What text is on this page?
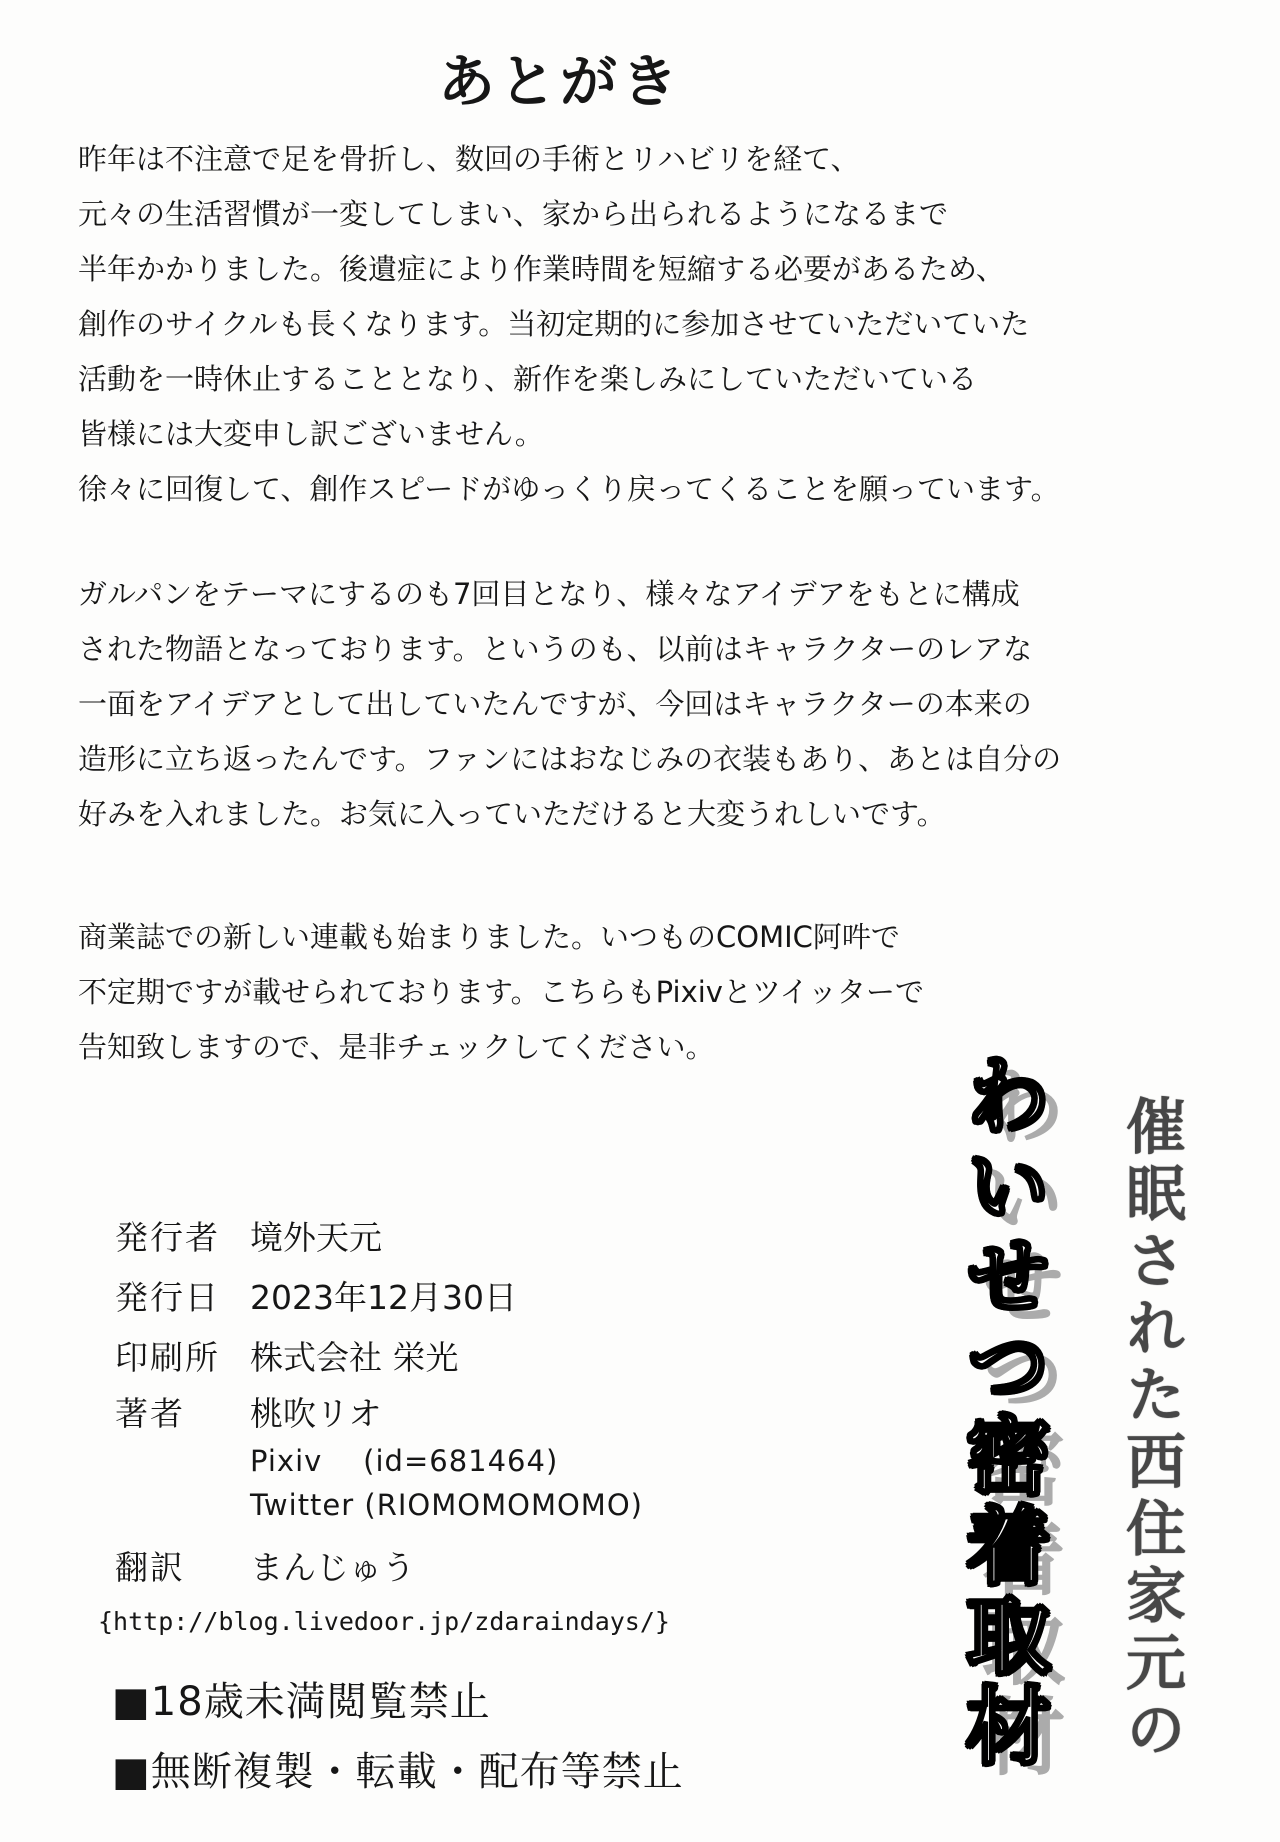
あとがき
昨年は不注意で足を骨折し、数回の手術とリハビリを経て、
元々の生活習慣が一変してしまい、家から出られるようになるまで
半年かかりました。後遺症により作業時間を短縮する必要があるため、
創作のサイクルも長くなります。当初定期的に参加させていただいていた
活動を一時休止することとなり、新作を楽しみにしていただいている
皆様には大変申し訳ございません。
徐々に回復して、創作スピードがゆっくり戻ってくることを願っています。
ガルパンをテーマにするのも7回目となり、様々なアイデアをもとに構成
された物語となっております。というのも、以前はキャラクターのレアな
一面をアイデアとして出していたんですが、今回はキャラクターの本来の
造形に立ち返ったんです。ファンにはおなじみの衣装もあり、あとは自分の
好みを入れました。お気に入っていただけると大変うれしいです。
商業誌での新しい連載も始まりました。いつものCOMIC阿吽で
不定期ですが載せられております。こちらもPixivとツイッターで
告知致しますので、是非チェックしてください。
発行者 境外天元
発行日 2023年12月30日
印刷所 株式会社 栄光
著者 桃吹リオ
Pixiv    (id=681464)
Twitter (RIOMOMOMOMO)
翻訳 まんじゅう
{http://blog.livedoor.jp/zdaraindays/}
■18歳未満閲覧禁止
■無断複製・転載・配布等禁止
催眠された西住家元の
わいせつ密着取材
